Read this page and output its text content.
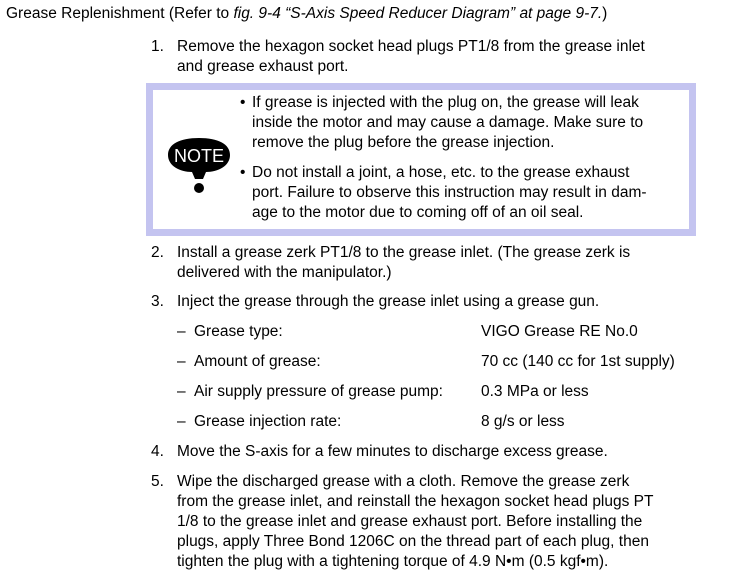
Grease Replenishment (Refer to fig. 9-4 “S-Axis Speed Reducer Diagram” at page 9-7.)
1. Remove the hexagon socket head plugs PT1/8 from the grease inlet
and grease exhaust port.
NOTE
• If grease is injected with the plug on, the grease will leak
inside the motor and may cause a damage. Make sure to
remove the plug before the grease injection.
• Do not install a joint, a hose, etc. to the grease exhaust
port. Failure to observe this instruction may result in dam-
age to the motor due to coming off of an oil seal.
2. Install a grease zerk PT1/8 to the grease inlet. (The grease zerk is
delivered with the manipulator.)
3. Inject the grease through the grease inlet using a grease gun.
– Grease type:	VIGO Grease RE No.0
– Amount of grease:	70 cc (140 cc for 1st supply)
– Air supply pressure of grease pump: 0.3 MPa or less
– Grease injection rate:	8 g/s or less
4. Move the S-axis for a few minutes to discharge excess grease.
5. Wipe the discharged grease with a cloth. Remove the grease zerk
from the grease inlet, and reinstall the hexagon socket head plugs PT
1/8 to the grease inlet and grease exhaust port. Before installing the
plugs, apply Three Bond 1206C on the thread part of each plug, then
tighten the plug with a tightening torque of 4.9 N•m (0.5 kgf•m).
